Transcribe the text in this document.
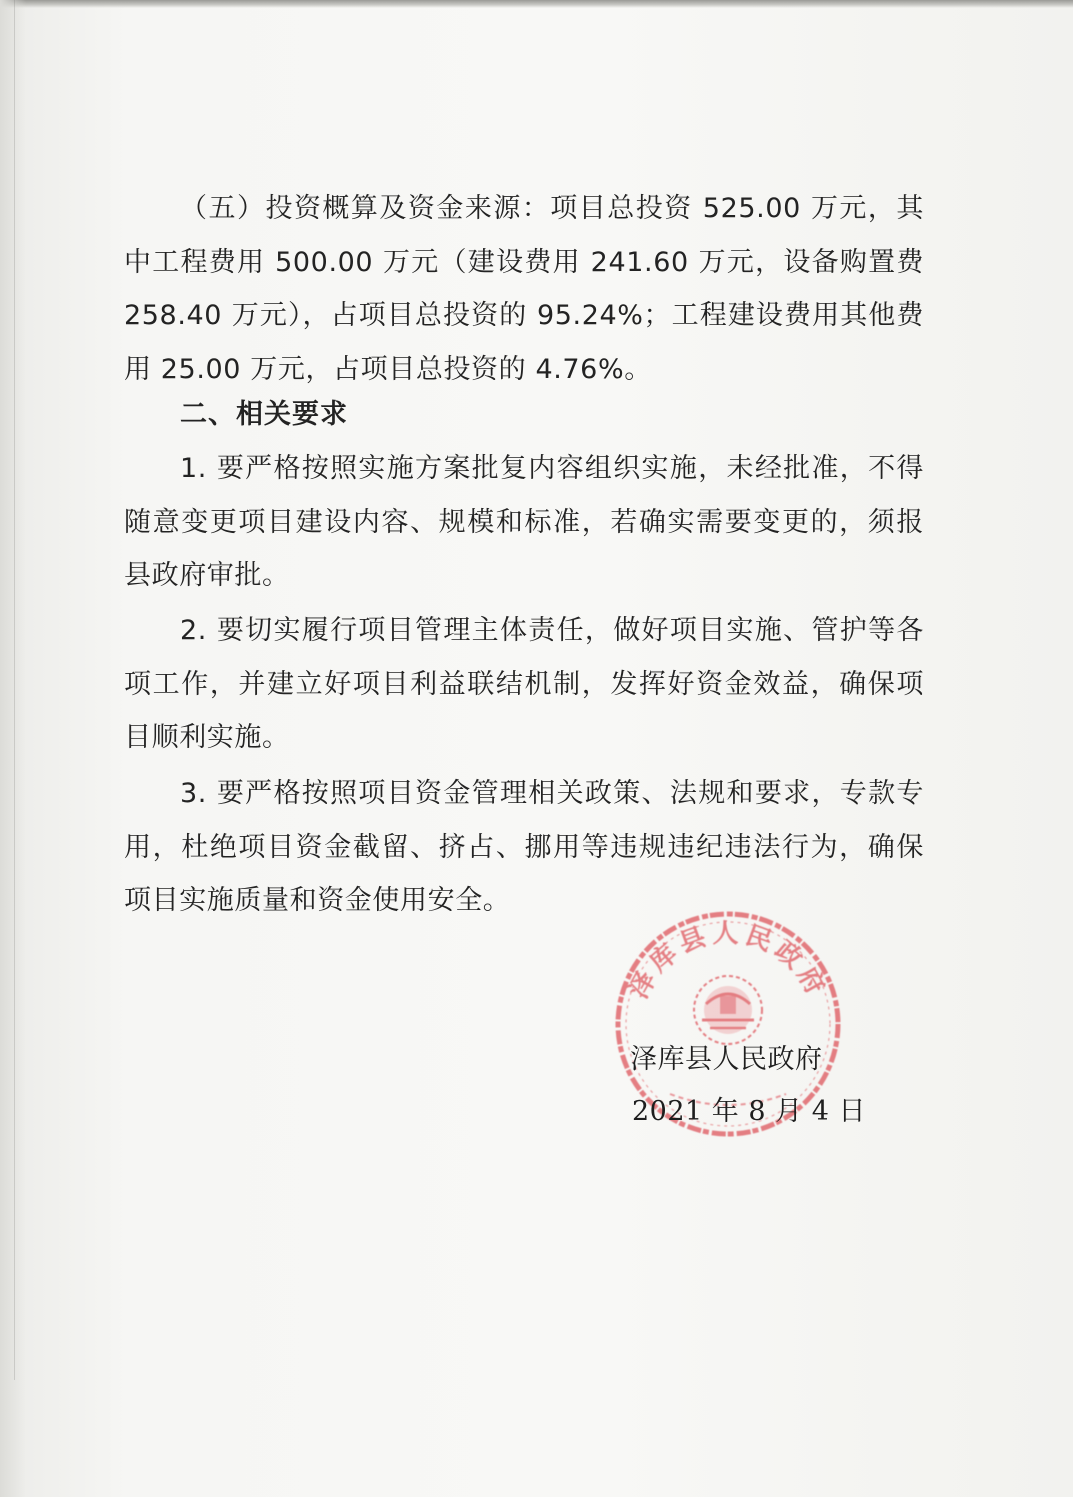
（五）投资概算及资金来源：项目总投资 525.00 万元，其中工程费用 500.00 万元（建设费用 241.60 万元，设备购置费 258.40 万元），占项目总投资的 95.24%；工程建设费用其他费用 25.00 万元，占项目总投资的 4.76%。

二、相关要求

1. 要严格按照实施方案批复内容组织实施，未经批准，不得随意变更项目建设内容、规模和标准，若确实需要变更的，须报县政府审批。

2. 要切实履行项目管理主体责任，做好项目实施、管护等各项工作，并建立好项目利益联结机制，发挥好资金效益，确保项目顺利实施。

3. 要严格按照项目资金管理相关政策、法规和要求，专款专用，杜绝项目资金截留、挤占、挪用等违规违纪违法行为，确保项目实施质量和资金使用安全。

泽库县人民政府

泽库县人民政府

2021 年 8 月 4 日
